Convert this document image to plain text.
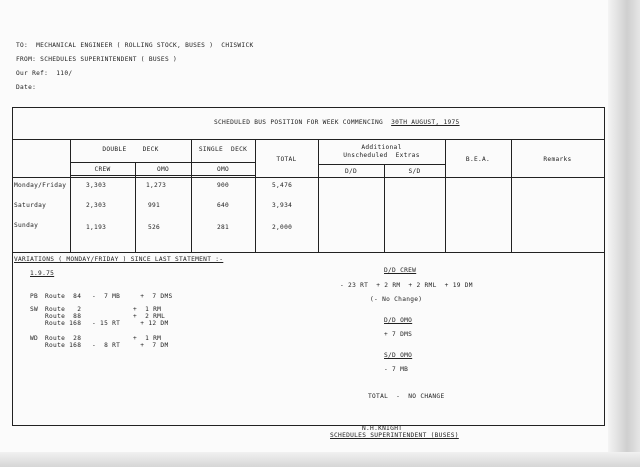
TO: MECHANICAL ENGINEER ( ROLLING STOCK, BUSES )  CHISWICK
FROM: SCHEDULES SUPERINTENDENT ( BUSES )
Our Ref: 110/
Date:
SCHEDULED BUS POSITION FOR WEEK COMMENCING 30TH AUGUST, 1975
DOUBLE    DECK	SINGLE  DECK
TOTAL
Additional
Unscheduled  Extras
B.E.A.	Remarks
CREW	OMO	OMO	D/D	S/D
Monday/Friday	3,303	1,273	900	5,476
Saturday	2,303	991	640	3,934
Sunday	1,193	526	281	2,000
VARIATIONS ( MONDAY/FRIDAY ) SINCE LAST STATEMENT :-
1.9.75
PB Route  84 -  7 MB     +  7 DMS
SW Route   2	+  1 RM
Route  88	+  2 RML
Route 168 - 15 RT     + 12 DM
WD Route  28	+  1 RM
Route 168 -  8 RT     +  7 DM
D/D CREW
- 23 RT  + 2 RM  + 2 RML  + 19 DM
(- No Change)
D/D OMO
+ 7 DMS
S/D OMO
- 7 MB
TOTAL  -  NO CHANGE
N.H.KNIGHT
SCHEDULES SUPERINTENDENT (BUSES)
